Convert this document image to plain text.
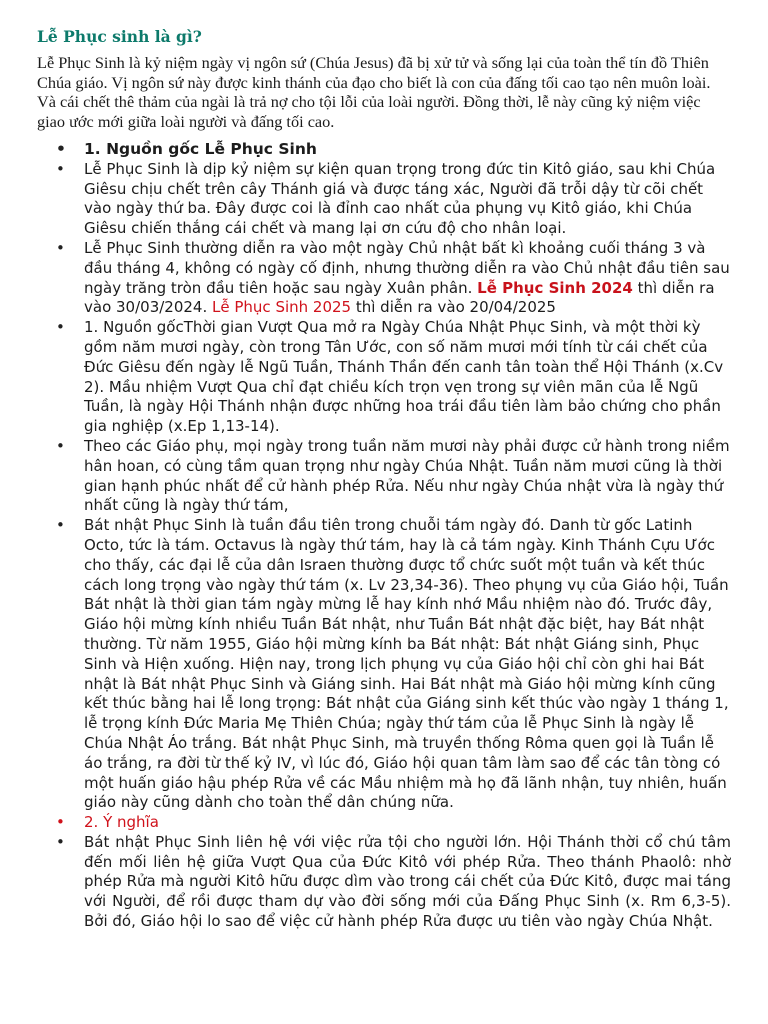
Lễ Phục sinh là gì?

Lễ Phục Sinh là kỷ niệm ngày vị ngôn sứ (Chúa Jesus) đã bị xử tử và sống lại của toàn thể tín đồ Thiên Chúa giáo. Vị ngôn sứ này được kinh thánh của đạo cho biết là con của đấng tối cao tạo nên muôn loài. Và cái chết thê thảm của ngài là trả nợ cho tội lỗi của loài người. Đồng thời, lễ này cũng kỷ niệm việc giao ước mới giữa loài người và đấng tối cao.

• 1. Nguồn gốc Lễ Phục Sinh
• Lễ Phục Sinh là dịp kỷ niệm sự kiện quan trọng trong đức tin Kitô giáo, sau khi Chúa Giêsu chịu chết trên cây Thánh giá và được táng xác, Người đã trỗi dậy từ cõi chết vào ngày thứ ba. Đây được coi là đỉnh cao nhất của phụng vụ Kitô giáo, khi Chúa Giêsu chiến thắng cái chết và mang lại ơn cứu độ cho nhân loại.
• Lễ Phục Sinh thường diễn ra vào một ngày Chủ nhật bất kì khoảng cuối tháng 3 và đầu tháng 4, không có ngày cố định, nhưng thường diễn ra vào Chủ nhật đầu tiên sau ngày trăng tròn đầu tiên hoặc sau ngày Xuân phân. Lễ Phục Sinh 2024 thì diễn ra vào 30/03/2024. Lễ Phục Sinh 2025 thì diễn ra vào 20/04/2025
• 1. Nguồn gốcThời gian Vượt Qua mở ra Ngày Chúa Nhật Phục Sinh, và một thời kỳ gồm năm mươi ngày, còn trong Tân Ước, con số năm mươi mới tính từ cái chết của Đức Giêsu đến ngày lễ Ngũ Tuần, Thánh Thần đến canh tân toàn thể Hội Thánh (x.Cv 2). Mầu nhiệm Vượt Qua chỉ đạt chiều kích trọn vẹn trong sự viên mãn của lễ Ngũ Tuần, là ngày Hội Thánh nhận được những hoa trái đầu tiên làm bảo chứng cho phần gia nghiệp (x.Ep 1,13-14).
• Theo các Giáo phụ, mọi ngày trong tuần năm mươi này phải được cử hành trong niềm hân hoan, có cùng tầm quan trọng như ngày Chúa Nhật. Tuần năm mươi cũng là thời gian hạnh phúc nhất để cử hành phép Rửa. Nếu như ngày Chúa nhật vừa là ngày thứ nhất cũng là ngày thứ tám,
• Bát nhật Phục Sinh là tuần đầu tiên trong chuỗi tám ngày đó. Danh từ gốc Latinh Octo, tức là tám. Octavus là ngày thứ tám, hay là cả tám ngày. Kinh Thánh Cựu Ước cho thấy, các đại lễ của dân Israen thường được tổ chức suốt một tuần và kết thúc cách long trọng vào ngày thứ tám (x. Lv 23,34-36). Theo phụng vụ của Giáo hội, Tuần Bát nhật là thời gian tám ngày mừng lễ hay kính nhớ Mầu nhiệm nào đó. Trước đây, Giáo hội mừng kính nhiều Tuần Bát nhật, như Tuần Bát nhật đặc biệt, hay Bát nhật thường. Từ năm 1955, Giáo hội mừng kính ba Bát nhật: Bát nhật Giáng sinh, Phục Sinh và Hiện xuống. Hiện nay, trong lịch phụng vụ của Giáo hội chỉ còn ghi hai Bát nhật là Bát nhật Phục Sinh và Giáng sinh. Hai Bát nhật mà Giáo hội mừng kính cũng kết thúc bằng hai lễ long trọng: Bát nhật của Giáng sinh kết thúc vào ngày 1 tháng 1, lễ trọng kính Đức Maria Mẹ Thiên Chúa; ngày thứ tám của lễ Phục Sinh là ngày lễ Chúa Nhật Áo trắng. Bát nhật Phục Sinh, mà truyền thống Rôma quen gọi là Tuần lễ áo trắng, ra đời từ thế kỷ IV, vì lúc đó, Giáo hội quan tâm làm sao để các tân tòng có một huấn giáo hậu phép Rửa về các Mầu nhiệm mà họ đã lãnh nhận, tuy nhiên, huấn giáo này cũng dành cho toàn thể dân chúng nữa.
• 2. Ý nghĩa
• Bát nhật Phục Sinh liên hệ với việc rửa tội cho người lớn. Hội Thánh thời cổ chú tâm đến mối liên hệ giữa Vượt Qua của Đức Kitô với phép Rửa. Theo thánh Phaolô: nhờ phép Rửa mà người Kitô hữu được dìm vào trong cái chết của Đức Kitô, được mai táng với Người, để rồi được tham dự vào đời sống mới của Đấng Phục Sinh (x. Rm 6,3-5). Bởi đó, Giáo hội lo sao để việc cử hành phép Rửa được ưu tiên vào ngày Chúa Nhật.
